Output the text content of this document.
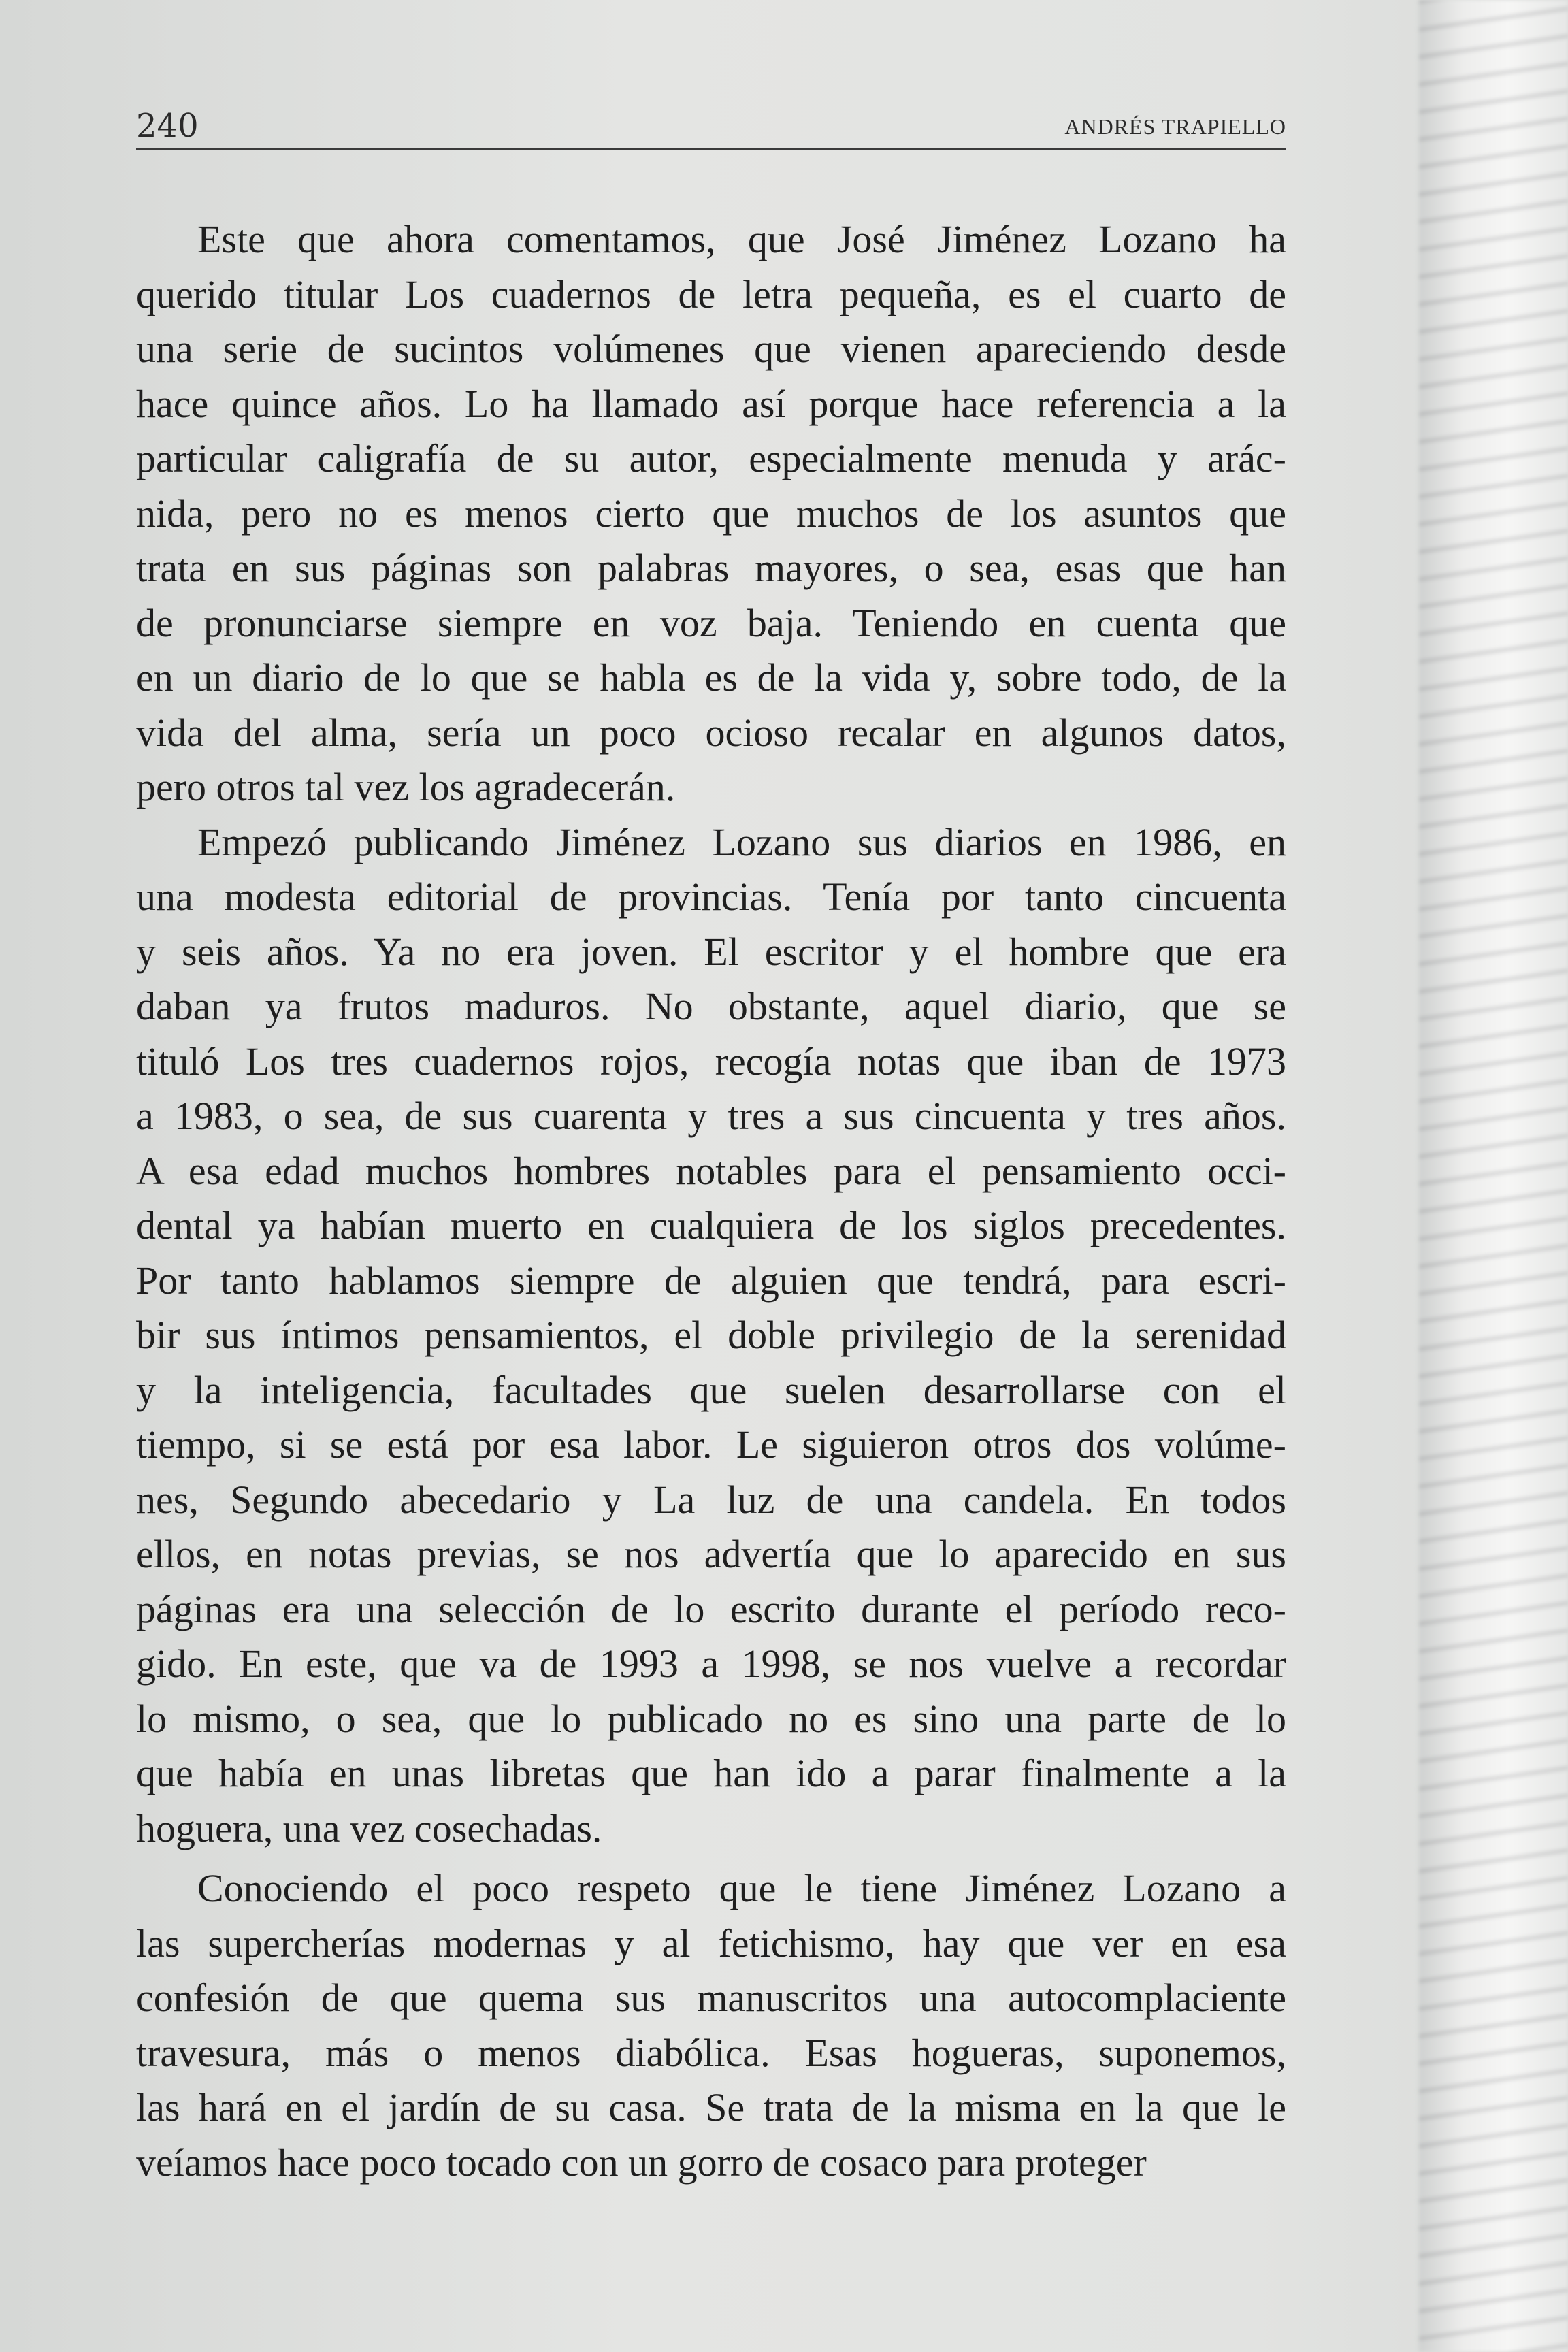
240	ANDRÉS TRAPIELLO
Este que ahora comentamos, que José Jiménez Lozano ha
querido titular Los cuadernos de letra pequeña, es el cuarto de
una serie de sucintos volúmenes que vienen apareciendo desde
hace quince años. Lo ha llamado así porque hace referencia a la
particular caligrafía de su autor, especialmente menuda y arác-
nida, pero no es menos cierto que muchos de los asuntos que
trata en sus páginas son palabras mayores, o sea, esas que han
de pronunciarse siempre en voz baja. Teniendo en cuenta que
en un diario de lo que se habla es de la vida y, sobre todo, de la
vida del alma, sería un poco ocioso recalar en algunos datos,
pero otros tal vez los agradecerán.
Empezó publicando Jiménez Lozano sus diarios en 1986, en
una modesta editorial de provincias. Tenía por tanto cincuenta
y seis años. Ya no era joven. El escritor y el hombre que era
daban ya frutos maduros. No obstante, aquel diario, que se
tituló Los tres cuadernos rojos, recogía notas que iban de 1973
a 1983, o sea, de sus cuarenta y tres a sus cincuenta y tres años.
A esa edad muchos hombres notables para el pensamiento occi-
dental ya habían muerto en cualquiera de los siglos precedentes.
Por tanto hablamos siempre de alguien que tendrá, para escri-
bir sus íntimos pensamientos, el doble privilegio de la serenidad
y la inteligencia, facultades que suelen desarrollarse con el
tiempo, si se está por esa labor. Le siguieron otros dos volúme-
nes, Segundo abecedario y La luz de una candela. En todos
ellos, en notas previas, se nos advertía que lo aparecido en sus
páginas era una selección de lo escrito durante el período reco-
gido. En este, que va de 1993 a 1998, se nos vuelve a recordar
lo mismo, o sea, que lo publicado no es sino una parte de lo
que había en unas libretas que han ido a parar finalmente a la
hoguera, una vez cosechadas.
Conociendo el poco respeto que le tiene Jiménez Lozano a
las supercherías modernas y al fetichismo, hay que ver en esa
confesión de que quema sus manuscritos una autocomplaciente
travesura, más o menos diabólica. Esas hogueras, suponemos,
las hará en el jardín de su casa. Se trata de la misma en la que le
veíamos hace poco tocado con un gorro de cosaco para proteger
